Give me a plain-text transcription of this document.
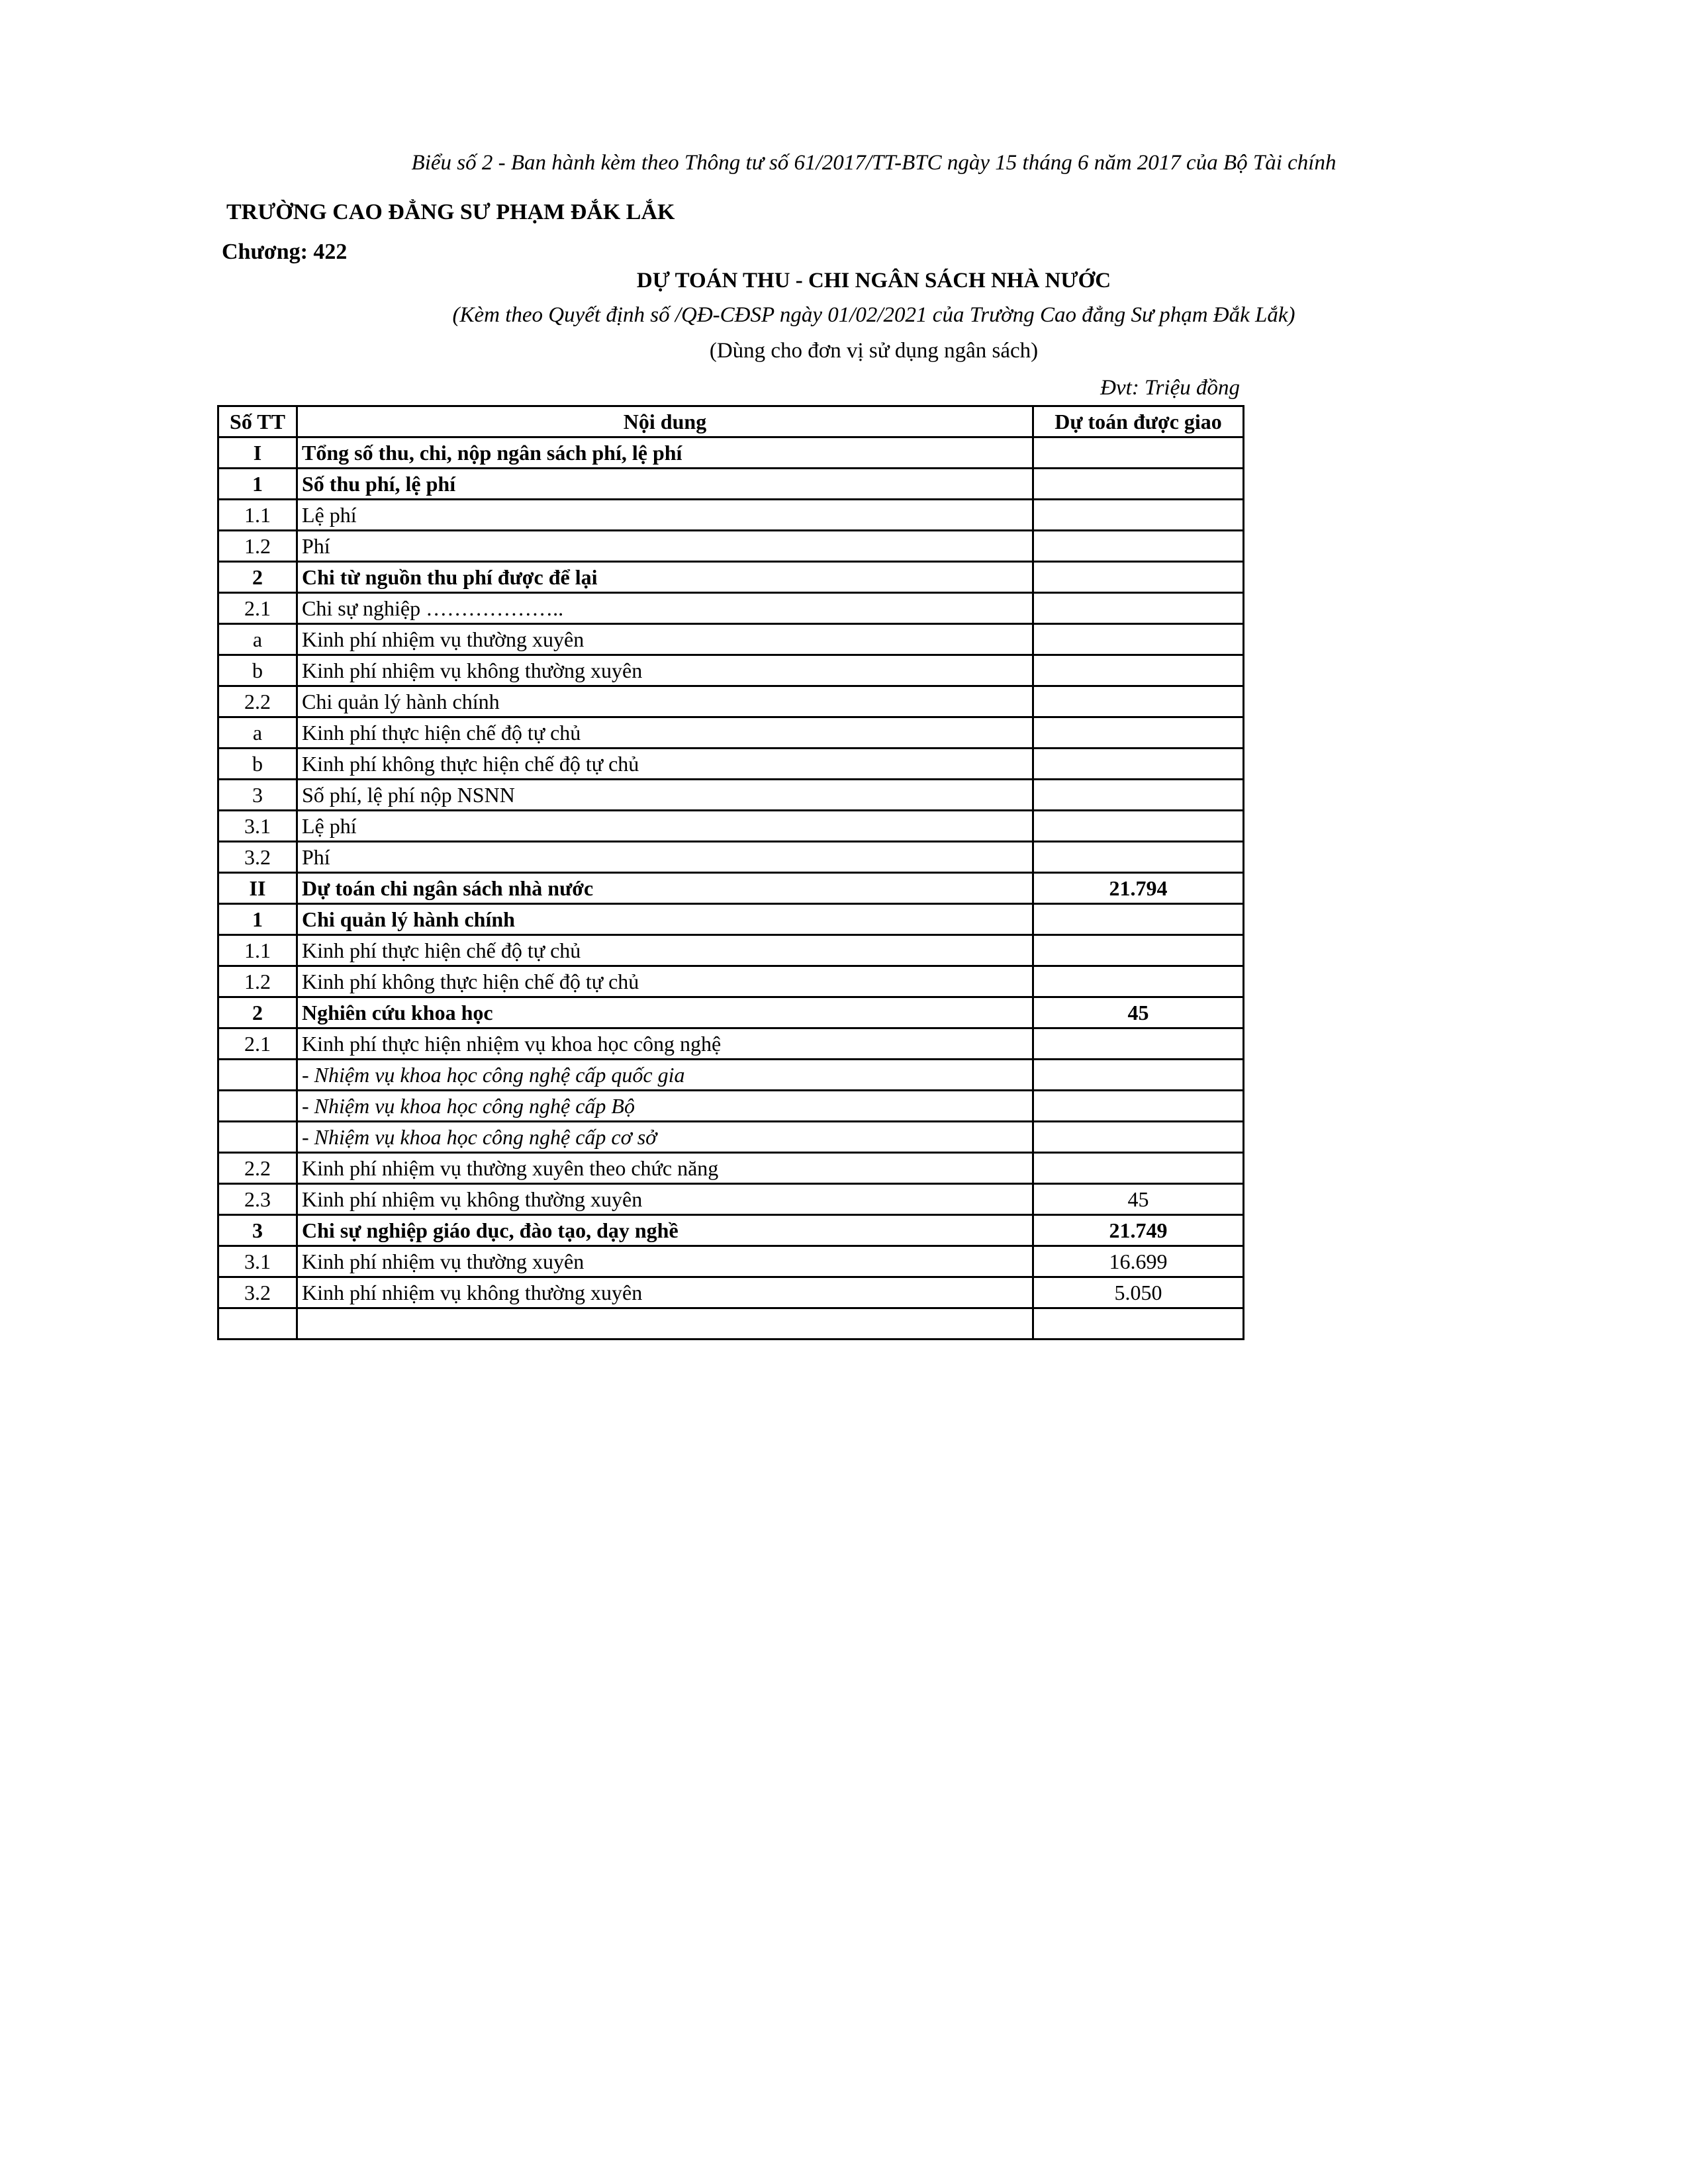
Biểu số 2 - Ban hành kèm theo Thông tư số 61/2017/TT-BTC ngày 15 tháng 6 năm 2017 của Bộ Tài chính
TRƯỜNG CAO ĐẲNG SƯ PHẠM ĐẮK LẮK
Chương: 422
DỰ TOÁN THU - CHI NGÂN SÁCH NHÀ NƯỚC
(Kèm theo Quyết định số /QĐ-CĐSP ngày 01/02/2021 của Trường Cao đẳng Sư phạm Đắk Lắk)
(Dùng cho đơn vị sử dụng ngân sách)
Đvt: Triệu đồng
Số TT	Nội dung	Dự toán được giao
I	Tổng số thu, chi, nộp ngân sách phí, lệ phí	
1	Số thu phí, lệ phí	
1.1	Lệ phí	
1.2	Phí	
2	Chi từ nguồn thu phí được để lại	
2.1	Chi sự nghiệp ………………..	
a	Kinh phí nhiệm vụ thường xuyên	
b	Kinh phí nhiệm vụ không thường xuyên	
2.2	Chi quản lý hành chính	
a	Kinh phí thực hiện chế độ tự chủ	
b	Kinh phí không thực hiện chế độ tự chủ	
3	Số phí, lệ phí nộp NSNN	
3.1	Lệ phí	
3.2	Phí	
II	Dự toán chi ngân sách nhà nước	21.794
1	Chi quản lý hành chính	
1.1	Kinh phí thực hiện chế độ tự chủ	
1.2	Kinh phí không thực hiện chế độ tự chủ	
2	Nghiên cứu khoa học	45
2.1	Kinh phí thực hiện nhiệm vụ khoa học công nghệ	
	- Nhiệm vụ khoa học công nghệ cấp quốc gia	
	- Nhiệm vụ khoa học công nghệ cấp Bộ	
	- Nhiệm vụ khoa học công nghệ cấp cơ sở	
2.2	Kinh phí nhiệm vụ thường xuyên theo chức năng	
2.3	Kinh phí nhiệm vụ không thường xuyên	45
3	Chi sự nghiệp giáo dục, đào tạo, dạy nghề	21.749
3.1	Kinh phí nhiệm vụ thường xuyên	16.699
3.2	Kinh phí nhiệm vụ không thường xuyên	5.050
